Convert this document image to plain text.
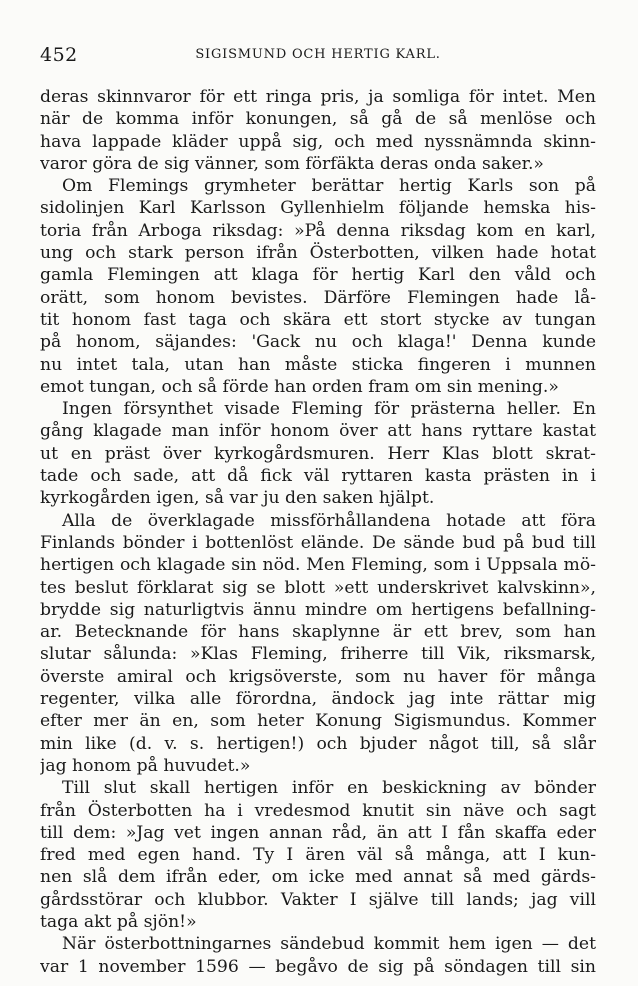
452	SIGISMUND OCH HERTIG KARL.
deras skinnvaror för ett ringa pris, ja somliga för intet. Men
när de komma inför konungen, så gå de så menlöse och
hava lappade kläder uppå sig, och med nyssnämnda skinn-
varor göra de sig vänner, som förfäkta deras onda saker.»
Om Flemings grymheter berättar hertig Karls son på
sidolinjen Karl Karlsson Gyllenhielm följande hemska his-
toria från Arboga riksdag: »På denna riksdag kom en karl,
ung och stark person ifrån Österbotten, vilken hade hotat
gamla Flemingen att klaga för hertig Karl den våld och
orätt, som honom bevistes. Därföre Flemingen hade lå-
tit honom fast taga och skära ett stort stycke av tungan
på honom, säjandes: 'Gack nu och klaga!' Denna kunde
nu intet tala, utan han måste sticka fingeren i munnen
emot tungan, och så förde han orden fram om sin mening.»
Ingen försynthet visade Fleming för prästerna heller. En
gång klagade man inför honom över att hans ryttare kastat
ut en präst över kyrkogårdsmuren. Herr Klas blott skrat-
tade och sade, att då fick väl ryttaren kasta prästen in i
kyrkogården igen, så var ju den saken hjälpt.
Alla de överklagade missförhållandena hotade att föra
Finlands bönder i bottenlöst elände. De sände bud på bud till
hertigen och klagade sin nöd. Men Fleming, som i Uppsala mö-
tes beslut förklarat sig se blott »ett underskrivet kalvskinn»,
brydde sig naturligtvis ännu mindre om hertigens befallning-
ar. Betecknande för hans skaplynne är ett brev, som han
slutar sålunda: »Klas Fleming, friherre till Vik, riksmarsk,
överste amiral och krigsöverste, som nu haver för många
regenter, vilka alle förordna, ändock jag inte rättar mig
efter mer än en, som heter Konung Sigismundus. Kommer
min like (d. v. s. hertigen!) och bjuder något till, så slår
jag honom på huvudet.»
Till slut skall hertigen inför en beskickning av bönder
från Österbotten ha i vredesmod knutit sin näve och sagt
till dem: »Jag vet ingen annan råd, än att I fån skaffa eder
fred med egen hand. Ty I ären väl så många, att I kun-
nen slå dem ifrån eder, om icke med annat så med gärds-
gårdsstörar och klubbor. Vakter I själve till lands; jag vill
taga akt på sjön!»
När österbottningarnes sändebud kommit hem igen — det
var 1 november 1596 — begåvo de sig på söndagen till sin
